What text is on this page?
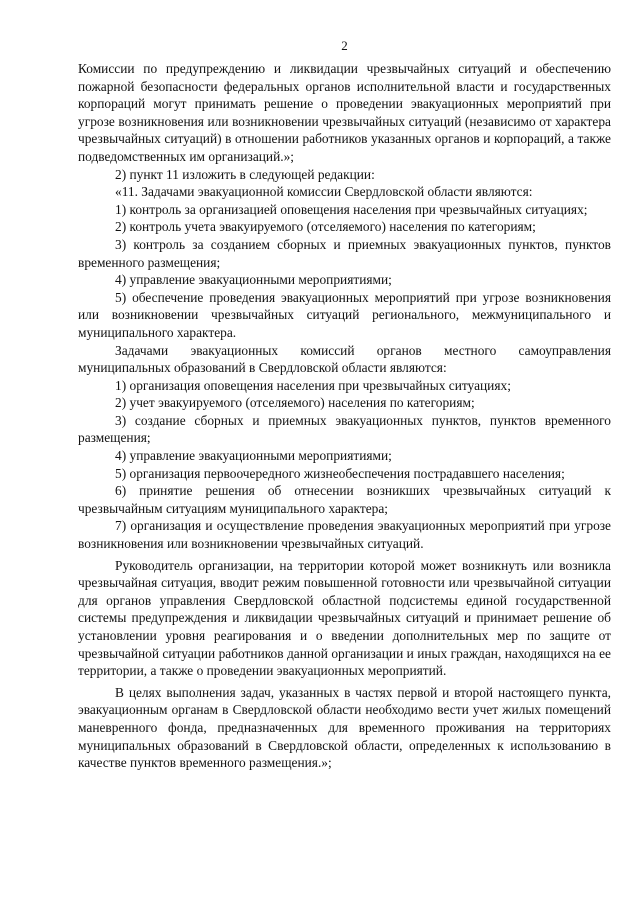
2

Комиссии по предупреждению и ликвидации чрезвычайных ситуаций и обеспечению пожарной безопасности федеральных органов исполнительной власти и государственных корпораций могут принимать решение о проведении эвакуационных мероприятий при угрозе возникновения или возникновении чрезвычайных ситуаций (независимо от характера чрезвычайных ситуаций) в отношении работников указанных органов и корпораций, а также подведомственных им организаций.»;

2) пункт 11 изложить в следующей редакции:

«11. Задачами эвакуационной комиссии Свердловской области являются:

1) контроль за организацией оповещения населения при чрезвычайных ситуациях;

2) контроль учета эвакуируемого (отселяемого) населения по категориям;

3) контроль за созданием сборных и приемных эвакуационных пунктов, пунктов временного размещения;

4) управление эвакуационными мероприятиями;

5) обеспечение проведения эвакуационных мероприятий при угрозе возникновения или возникновении чрезвычайных ситуаций регионального, межмуниципального и муниципального характера.

Задачами эвакуационных комиссий органов местного самоуправления муниципальных образований в Свердловской области являются:

1) организация оповещения населения при чрезвычайных ситуациях;

2) учет эвакуируемого (отселяемого) населения по категориям;

3) создание сборных и приемных эвакуационных пунктов, пунктов временного размещения;

4) управление эвакуационными мероприятиями;

5) организация первоочередного жизнеобеспечения пострадавшего населения;

6) принятие решения об отнесении возникших чрезвычайных ситуаций к чрезвычайным ситуациям муниципального характера;

7) организация и осуществление проведения эвакуационных мероприятий при угрозе возникновения или возникновении чрезвычайных ситуаций.

Руководитель организации, на территории которой может возникнуть или возникла чрезвычайная ситуация, вводит режим повышенной готовности или чрезвычайной ситуации для органов управления Свердловской областной подсистемы единой государственной системы предупреждения и ликвидации чрезвычайных ситуаций и принимает решение об установлении уровня реагирования и о введении дополнительных мер по защите от чрезвычайной ситуации работников данной организации и иных граждан, находящихся на ее территории, а также о проведении эвакуационных мероприятий.

В целях выполнения задач, указанных в частях первой и второй настоящего пункта, эвакуационным органам в Свердловской области необходимо вести учет жилых помещений маневренного фонда, предназначенных для временного проживания на территориях муниципальных образований в Свердловской области, определенных к использованию в качестве пунктов временного размещения.»;
